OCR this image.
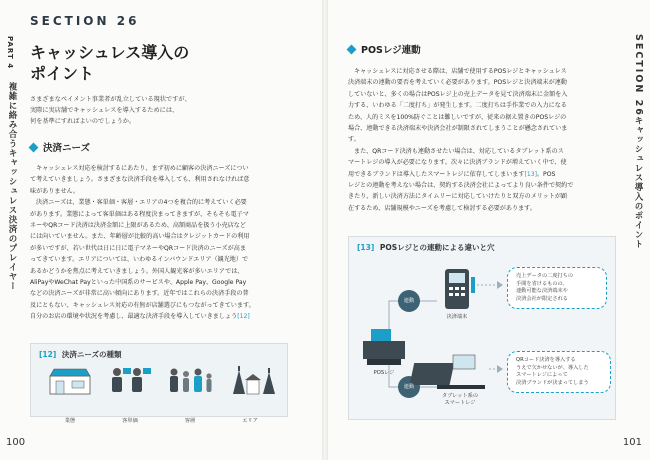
SECTION 26
PART 4
複雑に絡み合うキャッシュレス決済のプレイヤー
キャッシュレス導入の
ポイント
さまざまなペイメント事業者が乱立している現状ですが、
実際に実店舗でキャッシュレスを導入するためには、
何を基準にすればよいのでしょうか。
決済ニーズ
キャッシュレス対応を検討するにあたり、まず初めに顧客の決済ニーズについ
て考えていきましょう。さまざまな決済手段を導入しても、利用されなければ意
味がありません。
決済ニーズは、業態・客単価・客層・エリアの4つを複合的に考えていく必要
があります。業態によって客単価はある程度決まってきますが、そもそも電子マ
ネーやQRコード決済は決済金額に上限があるため、高額商品を扱う小売店など
には向いていません。また、年齢層が比較的高い場合はクレジットカードの利用
が多いですが、若い世代は日に日に電子マネーやQRコード決済のニーズが高ま
ってきています。エリアについては、いわゆるインバウンドエリア（観光地）で
あるかどうかを焦点に考えていきましょう。外国人観光客が多いエリアでは、
AliPayやWeChat Payといった中国系のサービスや、Apple Pay、Google Pay
などの決済ニーズが非常に高い傾向にあります。近年ではこれらの決済手段の普
及にともない、キャッシュレス対応の有無が店舗選びにもつながってきています。
自分のお店の環境や状況を考慮し、最適な決済手段を導入していきましょう[12]
[12] 決済ニーズの種類
業態	客単価	客層	エリア
100
SECTION 26
キャッシュレス導入のポイント
101
POSレジ連動
キャッシュレスに対応させる際は、店舗で使用するPOSレジとキャッシュレス
決済端末の連動の要否を考えていく必要があります。POSレジと決済端末が連動
していないと、多くの場合はPOSレジ上の売上データを見て決済端末に金額を入
力する、いわゆる「二度打ち」が発生します。二度打ちは手作業での入力になる
ため、人的ミスを100%防ぐことは難しいですが、従来の据え置きのPOSレジの
場合、連動できる決済端末や決済会社が制限されてしまうことが懸念されていま
す。
また、QRコード決済も連動させたい場合は、対応しているタブレット系のス
マートレジの導入が必要になります。次々に決済ブランドが増えていく中で、使
用できるブランドは導入したスマートレジに依存してしまいます[13]。POS
レジとの連動を考えない場合は、契約する決済会社によってより良い条件で契約で
きたり、新しい決済方法にタイムリーに対応していけたりと双方のメリットが顕
在するため、店舗規模やニーズを考慮して検討する必要があります。
[13] POSレジとの連動による違いと穴
連動
連動
決済端末
POSレジ
タブレット系の
スマートレジ
売上データの二度打ちの
手間を省けるものの、
連動可能な決済端末や
決済会社が限定される
QRコード決済を導入する
うえで欠かせないが、導入した
スマートレジによって
決済ブランドが決まってしまう
